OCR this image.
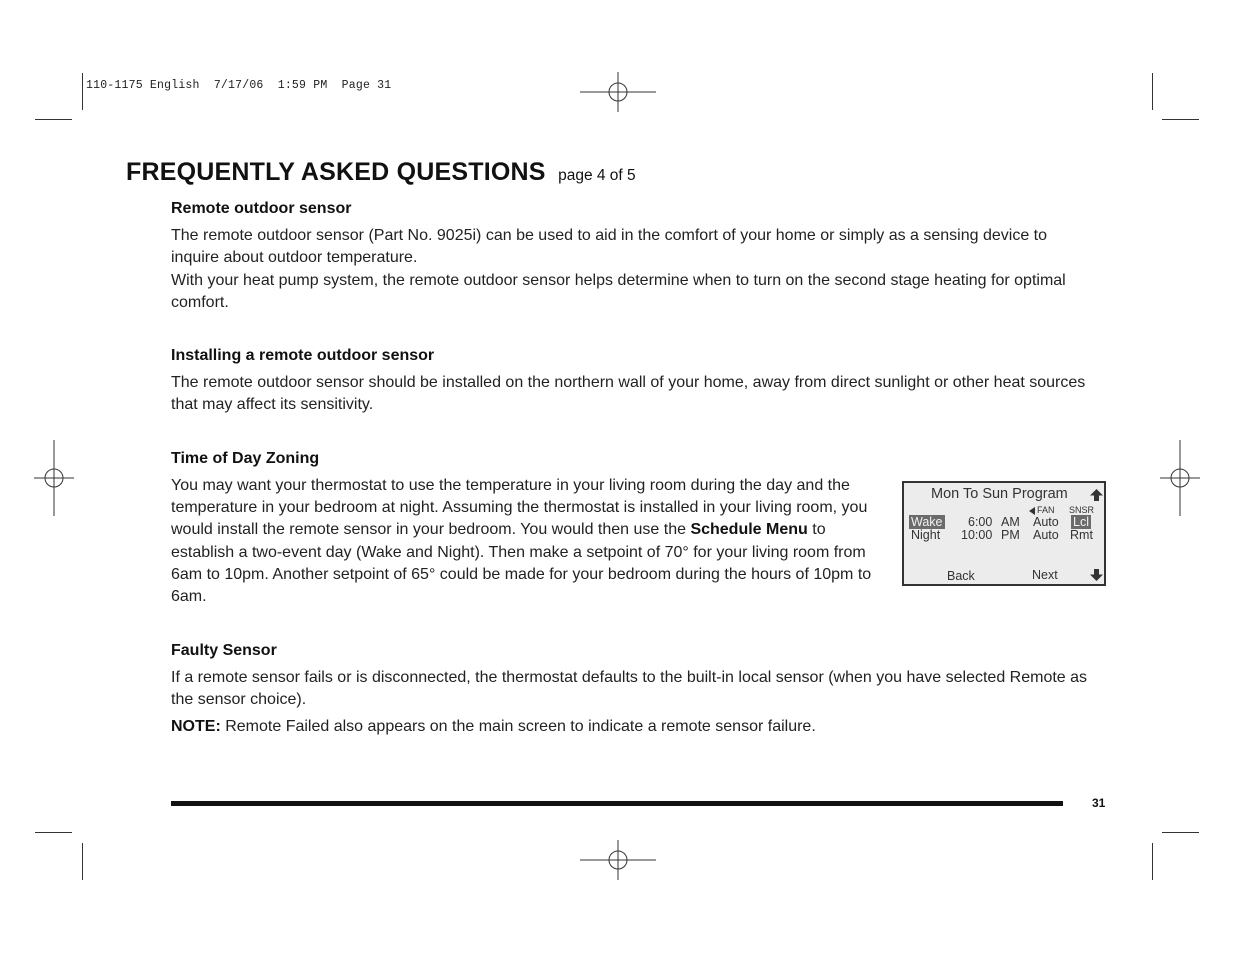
110-1175 English  7/17/06  1:59 PM  Page 31
FREQUENTLY ASKED QUESTIONS page 4 of 5
Remote outdoor sensor

The remote outdoor sensor (Part No. 9025i) can be used to aid in the comfort of your home or simply as a sensing device to inquire about outdoor temperature.

With your heat pump system, the remote outdoor sensor helps determine when to turn on the second stage heating for optimal comfort.

Installing a remote outdoor sensor

The remote outdoor sensor should be installed on the northern wall of your home, away from direct sunlight or other heat sources that may affect its sensitivity.

Time of Day Zoning

You may want your thermostat to use the temperature in your living room during the day and the temperature in your bedroom at night. Assuming the thermostat is installed in your living room, you would install the remote sensor in your bedroom. You would then use the Schedule Menu to establish a two-event day (Wake and Night). Then make a setpoint of 70° for your living room from 6am to 10pm. Another setpoint of 65° could be made for your bedroom during the hours of 10pm to 6am.

Faulty Sensor

If a remote sensor fails or is disconnected, the thermostat defaults to the built-in local sensor (when you have selected Remote as the sensor choice).

NOTE: Remote Failed also appears on the main screen to indicate a remote sensor failure.

Mon To Sun Program
FAN SNSR
Wake 6:00 AM Auto Lcl
Night 10:00 PM Auto Rmt
Back	Next
31
